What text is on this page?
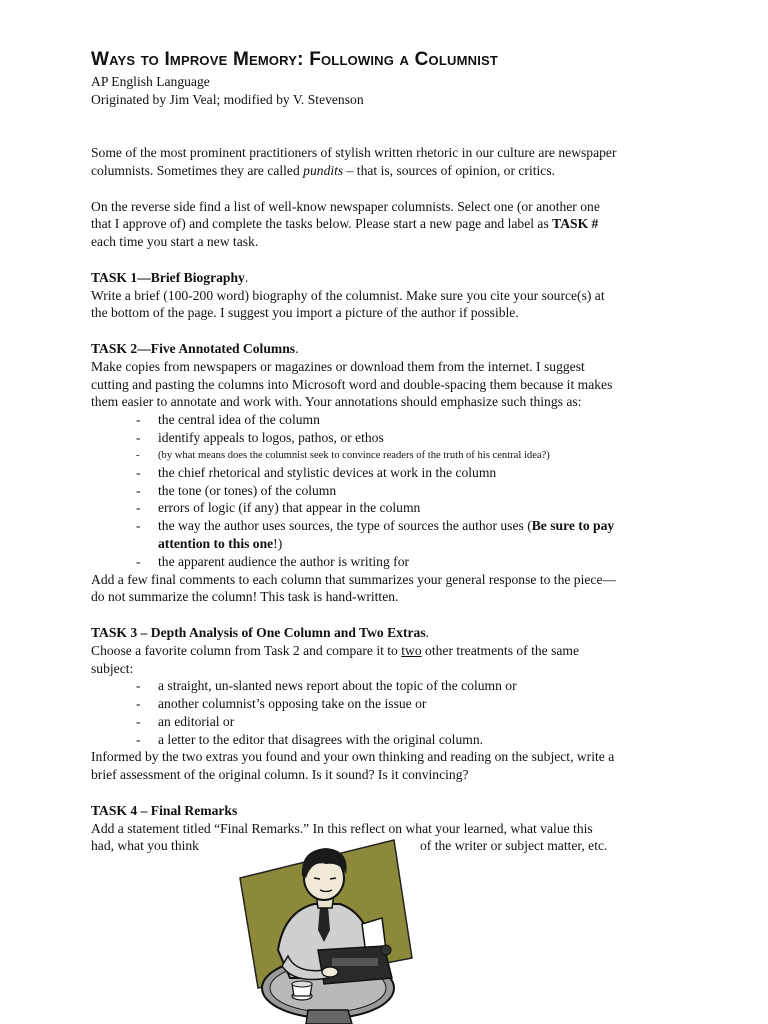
Ways to Improve Memory: Following a Columnist
AP English Language
Originated by Jim Veal; modified by V. Stevenson
Some of the most prominent practitioners of stylish written rhetoric in our culture are newspaper
columnists. Sometimes they are called pundits – that is, sources of opinion, or critics.
On the reverse side find a list of well-know newspaper columnists. Select one (or another one
that I approve of) and complete the tasks below. Please start a new page and label as TASK #
each time you start a new task.
TASK 1—Brief Biography.
Write a brief (100-200 word) biography of the columnist. Make sure you cite your source(s) at
the bottom of the page. I suggest you import a picture of the author if possible.
TASK 2—Five Annotated Columns.
Make copies from newspapers or magazines or download them from the internet. I suggest
cutting and pasting the columns into Microsoft word and double-spacing them because it makes
them easier to annotate and work with. Your annotations should emphasize such things as:
- the central idea of the column
- identify appeals to logos, pathos, or ethos
- (by what means does the columnist seek to convince readers of the truth of his central idea?)
- the chief rhetorical and stylistic devices at work in the column
- the tone (or tones) of the column
- errors of logic (if any) that appear in the column
- the way the author uses sources, the type of sources the author uses (Be sure to pay
attention to this one!)
- the apparent audience the author is writing for
Add a few final comments to each column that summarizes your general response to the piece—
do not summarize the column! This task is hand-written.
TASK 3 – Depth Analysis of One Column and Two Extras.
Choose a favorite column from Task 2 and compare it to two other treatments of the same
subject:
- a straight, un-slanted news report about the topic of the column or
- another columnist’s opposing take on the issue or
- an editorial or
- a letter to the editor that disagrees with the original column.
Informed by the two extras you found and your own thinking and reading on the subject, write a
brief assessment of the original column. Is it sound? Is it convincing?
TASK 4 – Final Remarks
Add a statement titled “Final Remarks.” In this reflect on what your learned, what value this
had, what you think	of the writer or subject matter, etc.
